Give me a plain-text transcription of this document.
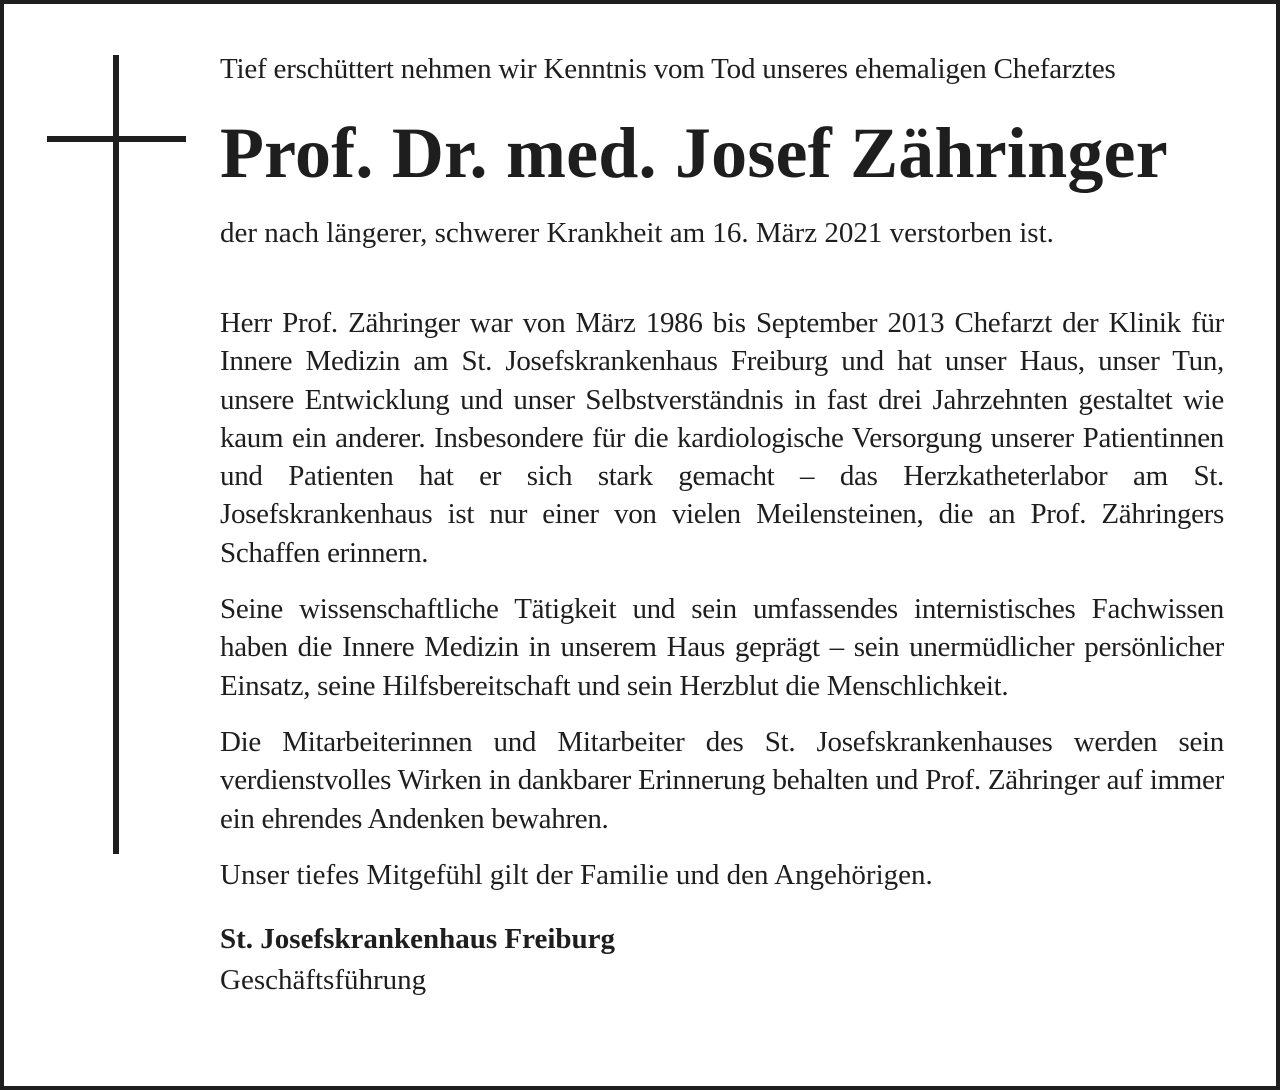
Tief erschüttert nehmen wir Kenntnis vom Tod unseres ehemaligen Chefarztes

Prof. Dr. med. Josef Zähringer

der nach längerer, schwerer Krankheit am 16. März 2021 verstorben ist.

Herr Prof. Zähringer war von März 1986 bis September 2013 Chefarzt der Klinik für Innere Medizin am St. Josefskrankenhaus Freiburg und hat unser Haus, unser Tun, unsere Entwicklung und unser Selbstverständnis in fast drei Jahrzehnten gestaltet wie kaum ein anderer. Insbesondere für die kardiologische Versorgung unserer Patientinnen und Patienten hat er sich stark gemacht – das Herzkatheterlabor am St. Josefskrankenhaus ist nur einer von vielen Meilensteinen, die an Prof. Zähringers Schaffen erinnern.

Seine wissenschaftliche Tätigkeit und sein umfassendes internistisches Fachwissen haben die Innere Medizin in unserem Haus geprägt – sein unermüdlicher persönlicher Einsatz, seine Hilfsbereitschaft und sein Herzblut die Menschlichkeit.

Die Mitarbeiterinnen und Mitarbeiter des St. Josefskrankenhauses werden sein verdienstvolles Wirken in dankbarer Erinnerung behalten und Prof. Zähringer auf immer ein ehrendes Andenken bewahren.

Unser tiefes Mitgefühl gilt der Familie und den Angehörigen.

St. Josefskrankenhaus Freiburg

Geschäftsführung
